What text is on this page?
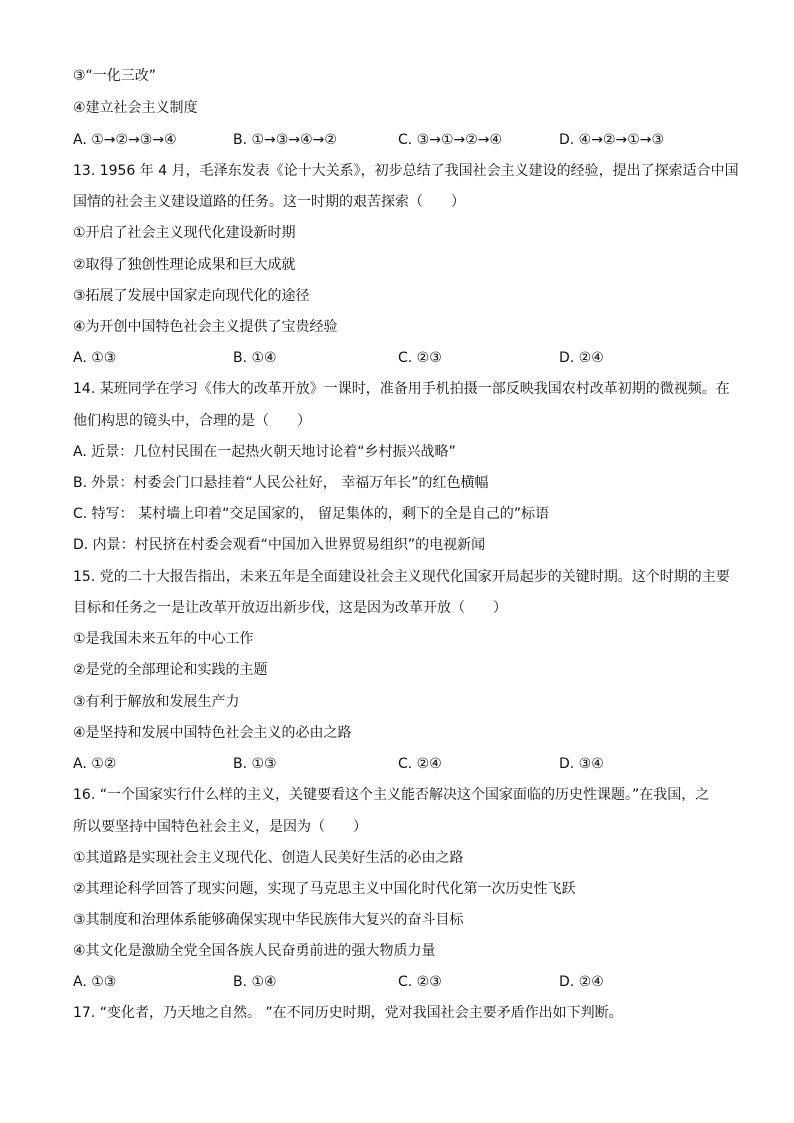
③“一化三改”
④建立社会主义制度
A. ①→②→③→④	B. ①→③→④→②	C. ③→①→②→④	D. ④→②→①→③
13. 1956 年 4 月，毛泽东发表《论十大关系》，初步总结了我国社会主义建设的经验，提出了探索适合中国
国情的社会主义建设道路的任务。这一时期的艰苦探索（　　）
①开启了社会主义现代化建设新时期
②取得了独创性理论成果和巨大成就
③拓展了发展中国家走向现代化的途径
④为开创中国特色社会主义提供了宝贵经验
A. ①③	B. ①④	C. ②③	D. ②④
14. 某班同学在学习《伟大的改革开放》一课时，准备用手机拍摄一部反映我国农村改革初期的微视频。在
他们构思的镜头中，合理的是（　　）
A. 近景：几位村民围在一起热火朝天地讨论着“乡村振兴战略”
B. 外景：村委会门口悬挂着“人民公社好， 幸福万年长”的红色横幅
C. 特写： 某村墙上印着“交足国家的， 留足集体的，剩下的全是自己的”标语
D. 内景：村民挤在村委会观看“中国加入世界贸易组织”的电视新闻
15. 党的二十大报告指出，未来五年是全面建设社会主义现代化国家开局起步的关键时期。这个时期的主要
目标和任务之一是让改革开放迈出新步伐，这是因为改革开放（　　）
①是我国未来五年的中心工作
②是党的全部理论和实践的主题
③有利于解放和发展生产力
④是坚持和发展中国特色社会主义的必由之路
A. ①②	B. ①③	C. ②④	D. ③④
16. “一个国家实行什么样的主义，关键要看这个主义能否解决这个国家面临的历史性课题。”在我国，之
所以要坚持中国特色社会主义，是因为（　　）
①其道路是实现社会主义现代化、创造人民美好生活的必由之路
②其理论科学回答了现实问题，实现了马克思主义中国化时代化第一次历史性飞跃
③其制度和治理体系能够确保实现中华民族伟大复兴的奋斗目标
④其文化是激励全党全国各族人民奋勇前进的强大物质力量
A. ①③	B. ①④	C. ②③	D. ②④
17. “变化者，乃天地之自然。 ”在不同历史时期，党对我国社会主要矛盾作出如下判断。
